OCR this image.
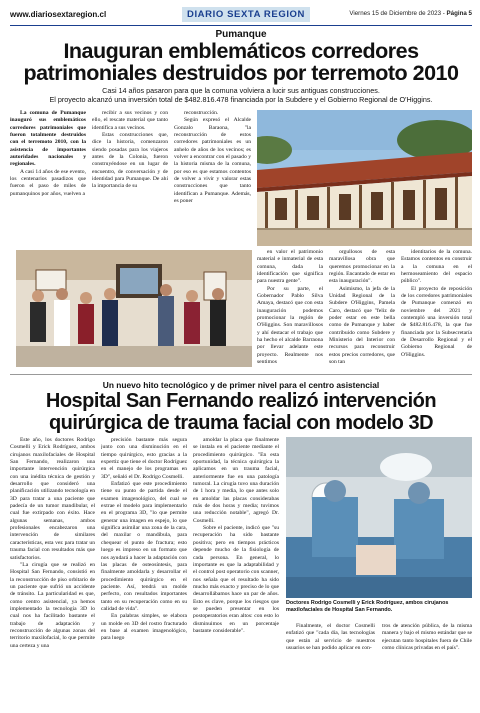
www.diariosextaregion.cl	DIARIO SEXTA REGION	Viernes 15 de Diciembre de 2023 - Página 5
Pumanque
Inauguran emblemáticos corredores
patrimoniales destruidos por terremoto 2010
Casi 14 años pasaron para que la comuna volviera a lucir sus antiguas construcciones.
El proyecto alcanzó una inversión total de $482.816.478 financiada por la Subdere y el Gobierno Regional de O'Higgins.

La comuna de Pumanque inauguró sus emblemáticos corredores patrimoniales que fueron totalmente destruidos con el terremoto 2010, con la asistencia de importantes autoridades nacionales y regionales.

A casi 14 años de ese evento, los centenarios pasadizos que fueron el paso de miles de pumanquinos por años, vuelven a

recibir a sus vecinos y con ello, el rescate material que tanto identifica a sus vecinos.

Estas construcciones que, dice la historia, comenzaron siendo posadas para los viajeros antes de la Colonia, fueron construyéndose en un lugar de encuentro, de conversación y de identidad para Pumanque. De ahí la importancia de su

reconstrucción.

Según expresó el Alcalde Gonzalo Baraona, "la reconstrucción de estos corredores patrimoniales es un anhelo de años de los vecinos; es volver a encontrar con el pasado y la historia misma de la comuna, por eso es que estamos contentos de volver a vivir y valorar estas construcciones que tanto identifican a Pumanque. Además, es poner

en valor el patrimonio material e inmaterial de esta comuna, dada la identificación que significa para nuestra gente".

Por su parte, el Gobernador Pablo Silva Amaya, destacó que con esta inauguración podemos promocionar la región de O'Higgins. Son maravillosos y ahí destacar el trabajo que ha hecho el alcalde Barraona por llevar adelante este proyecto. Realmente nos sentimos

orgullosos de esta maravillosa obra que queremos promocionar en la región. Encantado de estar en esta inauguración".

Asimismo, la jefa de la Unidad Regional de la Subdere O'Higgins, Pamela Caro, destacó que "feliz de poder estar en este bella como de Pumanque y haber contribuido como Subdere y Ministerio del Interior con recursos para reconstruir estos precios corredores, que son tan

identitarios de la comuna. Estamos contentos en construir a la comuna en el hermoseamiento del espacio público".

El proyecto de reposición de los corredores patrimoniales de Pumanque comenzó en noviembre del 2021 y contempló una inversión total de $482.816.478, la que fue financiada por la Subsecretaría de Desarrollo Regional y el Gobierno Regional de O'Higgins.

Un nuevo hito tecnológico y de primer nivel para el centro asistencial
Hospital San Fernando realizó intervención
quirúrgica de trauma facial con modelo 3D

Este año, los doctores Rodrigo Cosmelli y Erick Rodríguez, ambos cirujanos maxilofaciales de Hospital San Fernando, realizaron una importante intervención quirúrgica con una inédita técnica de gestión y desarrollo que consideró una planificación utilizando tecnología en 3D para tratar a una paciente que padecía de un tumor mandibular, el cual fue extirpado con éxito. Hace algunas semanas, ambos profesionales encabezaron una intervención de similares características, esta vez para tratar un trauma facial con resultados más que satisfactorios.

"La cirugía que se realizó en Hospital San Fernando, consistió en la reconstrucción de piso orbitario de un paciente que sufrió un accidente de tránsito. La particularidad es que, como centro asistencial, ya hemos implementado la tecnología 3D lo cual nos ha facilitado bastante el trabajo de adaptación y reconstrucción de algunas zonas del territorio maxilofacial, lo que permite una certeza y una

precisión bastante más segura junto con una disminución en el tiempo quirúrgico, esto gracias a la expertiz que tiene el doctor Rodríguez en el manejo de los programas en 3D", señaló el Dr. Rodrigo Cosmelli.

Enfatizó que este procedimiento tiene su punto de partida desde el examen imagenológico, del cual se extrae el modelo para implementarlo en el programa 3D, "lo que permite generar una imagen en espejo, lo que significa asimilar una zona de la cara, del maxilar o mandíbula, para chequear el punto de fractura; esto luego es impreso en un formato que nos ayudará a hacer la adaptación con las placas de osteosíntesis, para finalmente amoldarla y desarrollar el procedimiento quirúrgico en el paciente. Así, tendrá un molde perfecto, con resultados importantes tanto en su recuperación como en su calidad de vida".

En palabras simples, se elabora un molde en 3D del rostro fracturado en base al examen imagenológico, para luego

amoldar la placa que finalmente se instala en el paciente mediante el procedimiento quirúrgico. "En esta oportunidad, la técnica quirúrgica la aplicamos en un trauma facial, anteriormente fue en una patología tumoral. La cirugía tuvo una duración de 1 hora y media, lo que antes solo en amoldar las placas considerabas más de dos horas y media; tuvimos una reducción notable", agregó Dr. Cosmelli.

Sobre el paciente, indicó que "su recuperación ha sido bastante positiva; pero en tiempos prácticos depende mucho de la fisiología de cada persona. En general, lo importante es que la adaptabilidad y el control post operatorio con scanner, nos señala que el resultado ha sido mucho más exacto y preciso de lo que desarrollábamos hace un par de años. Esto es clave, porque los riesgos que se pueden presentar en los postoperatorios eran altos: con esto lo disminuimos en un porcentaje bastante considerable".

Doctores Rodrigo Cosmelli y Erick Rodríguez, ambos cirujanos maxilofaciales de Hospital San Fernando.

Finalmente, el doctor Cosmelli enfatizó que "cada día, las tecnologías que están al servicio de nuestros usuarios se han podido aplicar en con-

tros de atención pública, de la misma manera y bajo el mismo estándar que se ejecutan tanto hospitales fuera de Chile como clínicas privadas en el país".
